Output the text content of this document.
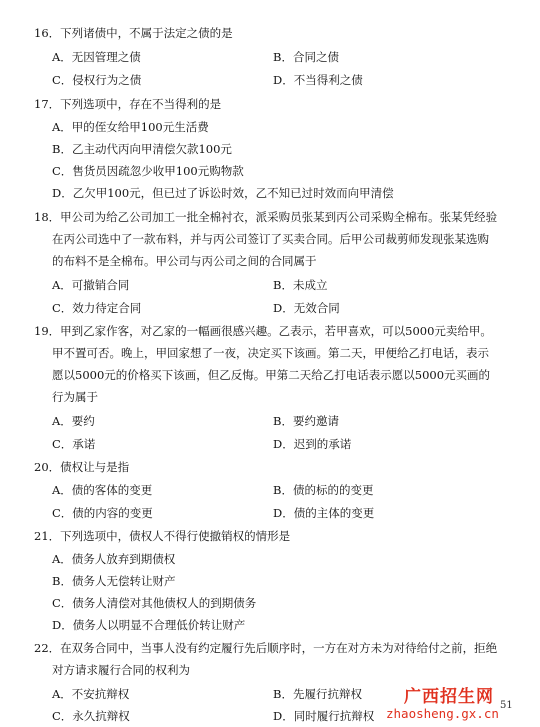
16．下列诸债中，不属于法定之债的是
A．无因管理之债	B．合同之债
C．侵权行为之债	D．不当得利之债
17．下列选项中，存在不当得利的是
A．甲的侄女给甲100元生活费
B．乙主动代丙向甲清偿欠款100元
C．售货员因疏忽少收甲100元购物款
D．乙欠甲100元，但已过了诉讼时效，乙不知已过时效而向甲清偿
18．甲公司为给乙公司加工一批全棉衬衣，派采购员张某到丙公司采购全棉布。张某凭经验
在丙公司选中了一款布料，并与丙公司签订了买卖合同。后甲公司裁剪师发现张某选购
的布料不是全棉布。甲公司与丙公司之间的合同属于
A．可撤销合同	B．未成立
C．效力待定合同	D．无效合同
19．甲到乙家作客，对乙家的一幅画很感兴趣。乙表示，若甲喜欢，可以5000元卖给甲。
甲不置可否。晚上，甲回家想了一夜，决定买下该画。第二天，甲便给乙打电话，表示
愿以5000元的价格买下该画，但乙反悔。甲第二天给乙打电话表示愿以5000元买画的
行为属于
A．要约	B．要约邀请
C．承诺	D．迟到的承诺
20．债权让与是指
A．债的客体的变更	B．债的标的的变更
C．债的内容的变更	D．债的主体的变更
21．下列选项中，债权人不得行使撤销权的情形是
A．债务人放弃到期债权
B．债务人无偿转让财产
C．债务人清偿对其他债权人的到期债务
D．债务人以明显不合理低价转让财产
22．在双务合同中，当事人没有约定履行先后顺序时，一方在对方未为对待给付之前，拒绝
对方请求履行合同的权利为
A．不安抗辩权	B．先履行抗辩权
C．永久抗辩权	D．同时履行抗辩权
51
广西招生网
zhaosheng.gx.cn
